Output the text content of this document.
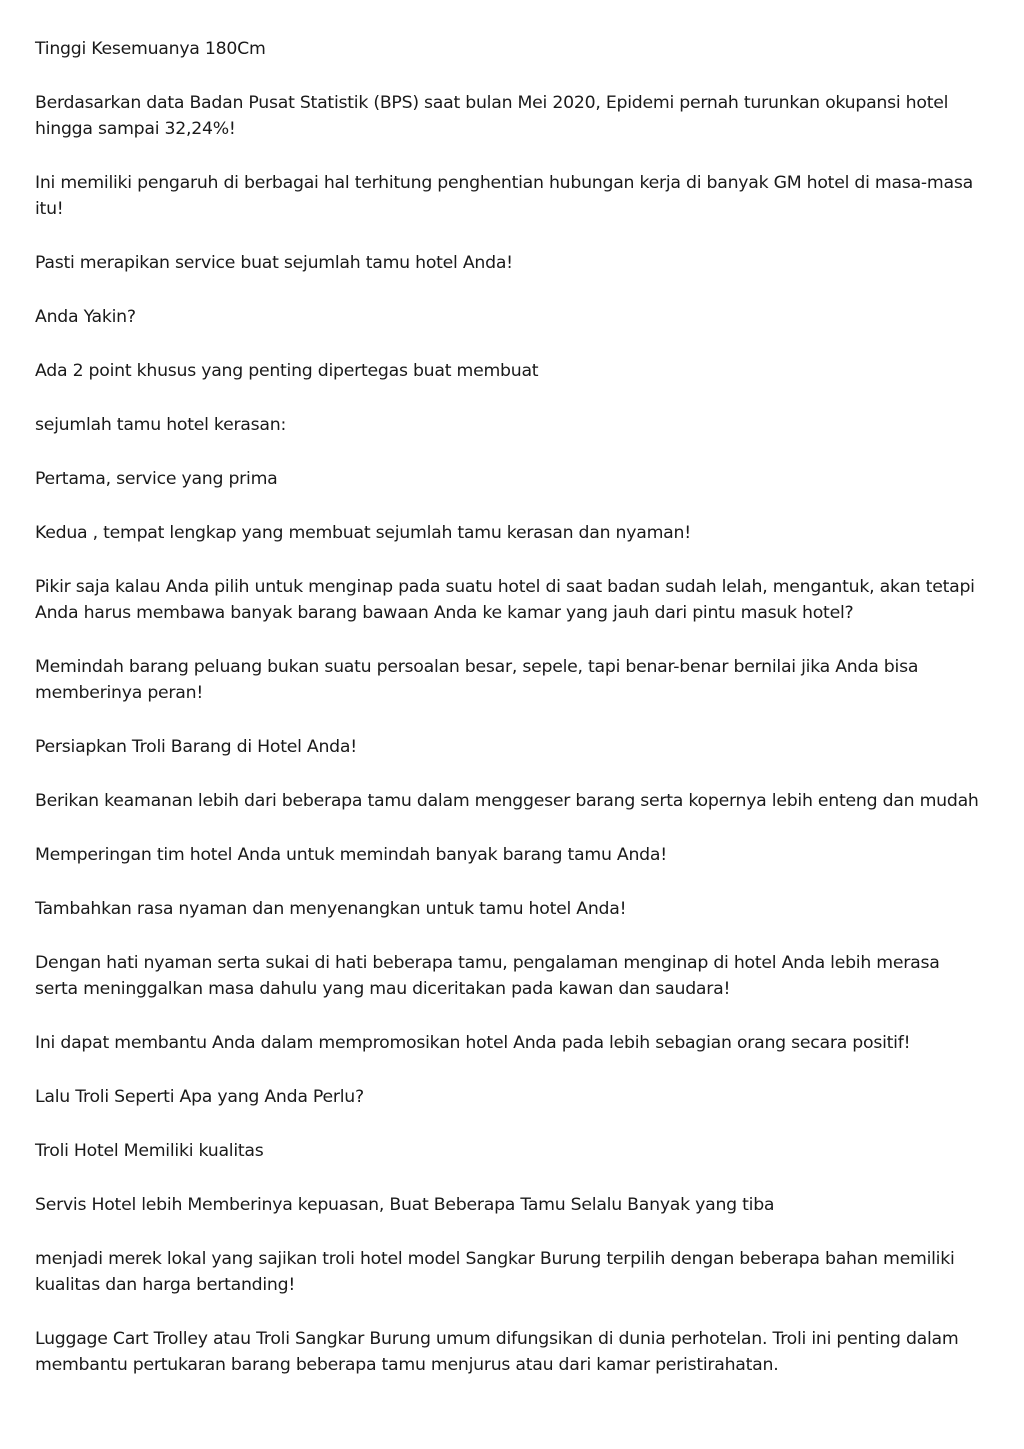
Tinggi Kesemuanya 180Cm

Berdasarkan data Badan Pusat Statistik (BPS) saat bulan Mei 2020, Epidemi pernah turunkan okupansi hotel hingga sampai 32,24%!

Ini memiliki pengaruh di berbagai hal terhitung penghentian hubungan kerja di banyak GM hotel di masa-masa itu!

Pasti merapikan service buat sejumlah tamu hotel Anda!

Anda Yakin?

Ada 2 point khusus yang penting dipertegas buat membuat

sejumlah tamu hotel kerasan:

Pertama, service yang prima

Kedua , tempat lengkap yang membuat sejumlah tamu kerasan dan nyaman!

Pikir saja kalau Anda pilih untuk menginap pada suatu hotel di saat badan sudah lelah, mengantuk, akan tetapi Anda harus membawa banyak barang bawaan Anda ke kamar yang jauh dari pintu masuk hotel?

Memindah barang peluang bukan suatu persoalan besar, sepele, tapi benar-benar bernilai jika Anda bisa memberinya peran!

Persiapkan Troli Barang di Hotel Anda!

Berikan keamanan lebih dari beberapa tamu dalam menggeser barang serta kopernya lebih enteng dan mudah

Memperingan tim hotel Anda untuk memindah banyak barang tamu Anda!

Tambahkan rasa nyaman dan menyenangkan untuk tamu hotel Anda!

Dengan hati nyaman serta sukai di hati beberapa tamu, pengalaman menginap di hotel Anda lebih merasa serta meninggalkan masa dahulu yang mau diceritakan pada kawan dan saudara!

Ini dapat membantu Anda dalam mempromosikan hotel Anda pada lebih sebagian orang secara positif!

Lalu Troli Seperti Apa yang Anda Perlu?

Troli Hotel Memiliki kualitas

Servis Hotel lebih Memberinya kepuasan, Buat Beberapa Tamu Selalu Banyak yang tiba

menjadi merek lokal yang sajikan troli hotel model Sangkar Burung terpilih dengan beberapa bahan memiliki kualitas dan harga bertanding!

Luggage Cart Trolley atau Troli Sangkar Burung umum difungsikan di dunia perhotelan. Troli ini penting dalam membantu pertukaran barang beberapa tamu menjurus atau dari kamar peristirahatan.
